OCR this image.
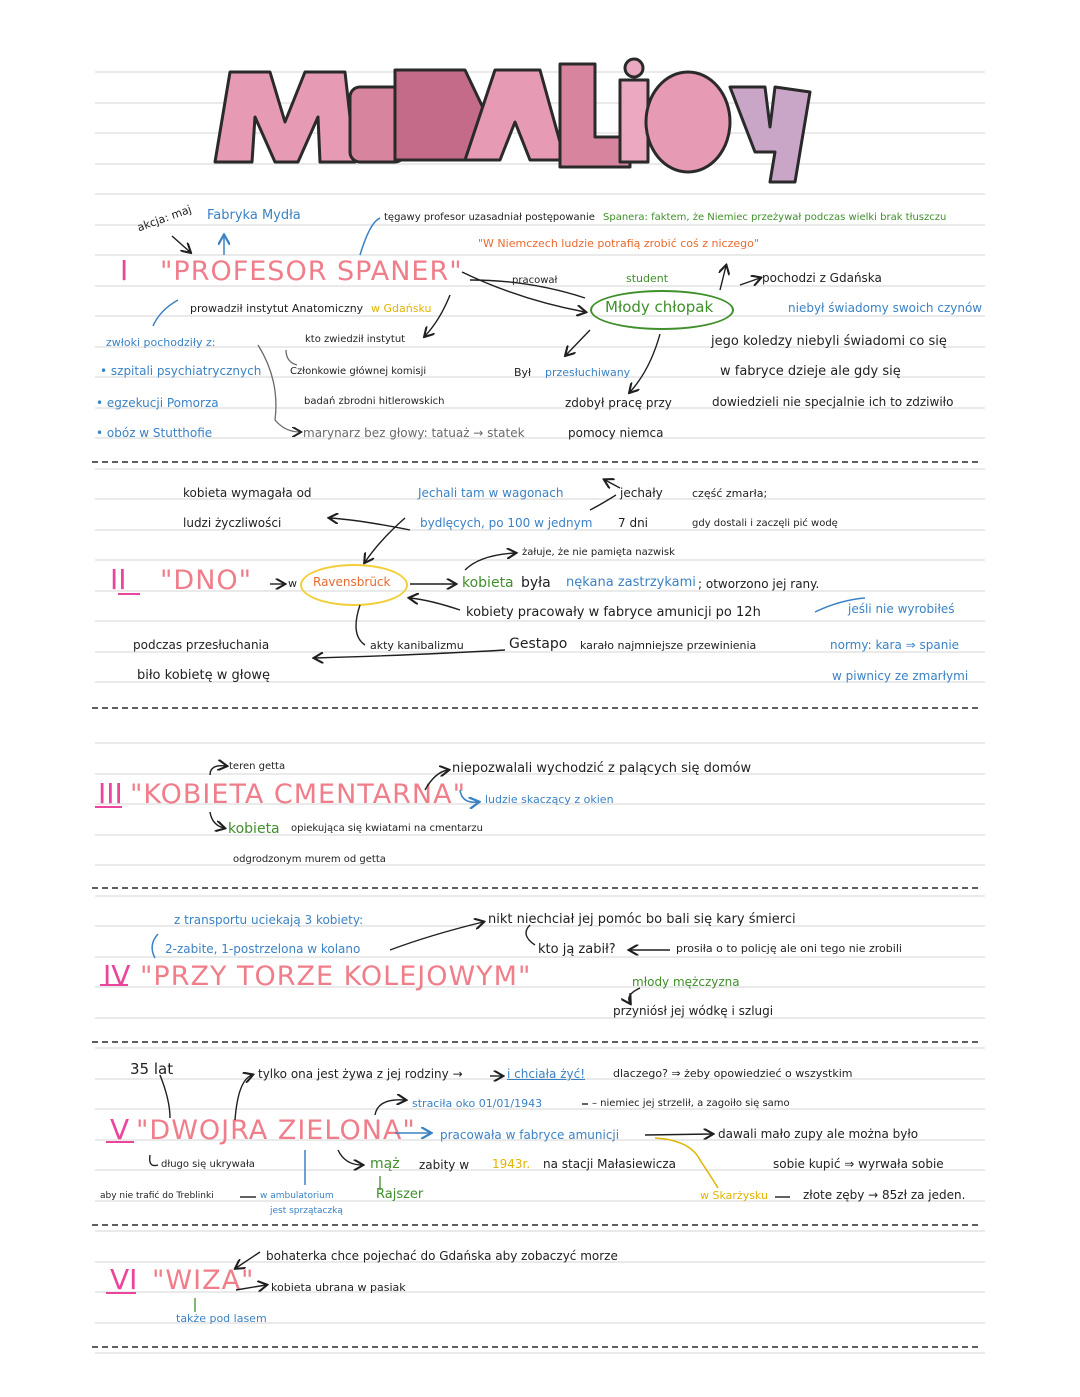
MEDALIONY
akcja: maj Fabryka Mydła	tęgawy profesor uzasadniał postępowanie Spanera: faktem, że Niemiec przeżywał podczas wielki brak tłuszczu
"W Niemczech ludzie potrafią zrobić coś z niczego"
I "PROFESOR SPANER"	pracował	student	pochodzi z Gdańska
Młody chłopak	niebył świadomy swoich czynów
prowadził instytut Anatomiczny w Gdańsku
zwłoki pochodziły z:	kto zwiedził instytut	jego koledzy niebyli świadomi co się
• szpitali psychiatrycznych	Członkowie głównej komisji	Był przesłuchiwany	w fabryce dzieje ale gdy się
• egzekucji Pomorza	badań zbrodni hitlerowskich	zdobył pracę przy	dowiedzieli nie specjalnie ich to zdziwiło
• obóz w Stutthofie	marynarz bez głowy: tatuaż → statek	pomocy niemca
kobieta wymagała od
ludzi życzliwości
Jechali tam w wagonach
bydlęcych, po 100 w jednym 7 dni
jechały	część zmarła;
gdy dostali i zaczęli pić wodę
żałuje, że nie pamięta nazwisk
II "DNO"	w Ravensbrück	kobieta była nękana zastrzykami ; otworzono jej rany.
kobiety pracowały w fabryce amunicji po 12h	jeśli nie wyrobiłeś
podczas przesłuchania	akty kanibalizmu	Gestapo karało najmniejsze przewinienia	normy: kara ⇒ spanie
biło kobietę w głowę	w piwnicy ze zmarłymi
teren getta	niepozwalali wychodzić z palących się domów
III "KOBIETA CMENTARNA" ludzie skaczący z okien
kobieta opiekująca się kwiatami na cmentarzu
odgrodzonym murem od getta
z transportu uciekają 3 kobiety:
2-zabite, 1-postrzelona w kolano
nikt niechciał jej pomóc bo bali się kary śmierci
kto ją zabił?	prosiła o to policję ale oni tego nie zrobili
IV "PRZY TORZE KOLEJOWYM"	młody mężczyzna
przyniósł jej wódkę i szlugi
35 lat	tylko ona jest żywa z jej rodziny →	i chciała żyć!	dlaczego? ⇒ żeby opowiedzieć o wszystkim
straciła oko 01/01/1943	– niemiec jej strzelił, a zagoiło się samo
V "DWOJRA ZIELONA" pracowała w fabryce amunicji	dawali mało zupy ale można było
długo się ukrywała	mąż zabity w 1943r. na stacji Małasiewicza	sobie kupić ⇒ wyrwała sobie
aby nie trafić do Treblinki	w ambulatorium
jest sprzątaczką
Rajszer	w Skarżysku	złote zęby → 85zł za jeden.
bohaterka chce pojechać do Gdańska aby zobaczyć morze
VI "WIZA" kobieta ubrana w pasiak
także pod lasem
